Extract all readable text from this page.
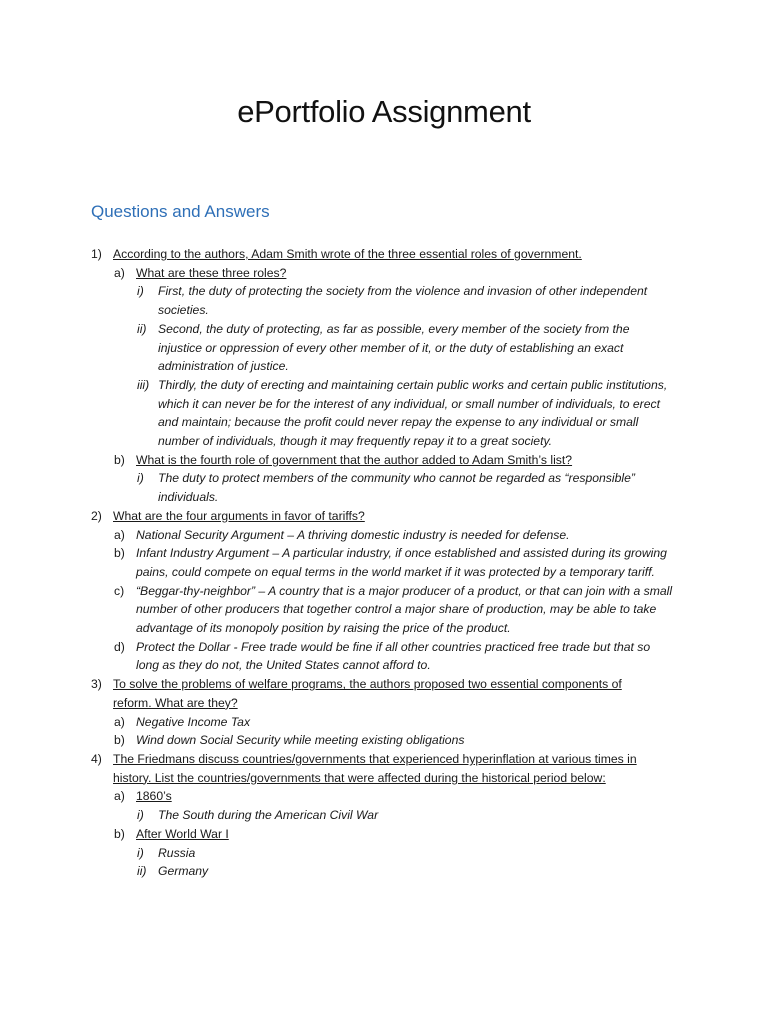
ePortfolio Assignment
Questions and Answers
1) According to the authors, Adam Smith wrote of the three essential roles of government.
a) What are these three roles?
i) First, the duty of protecting the society from the violence and invasion of other independent societies.
ii) Second, the duty of protecting, as far as possible, every member of the society from the injustice or oppression of every other member of it, or the duty of establishing an exact administration of justice.
iii) Thirdly, the duty of erecting and maintaining certain public works and certain public institutions, which it can never be for the interest of any individual, or small number of individuals, to erect and maintain; because the profit could never repay the expense to any individual or small number of individuals, though it may frequently repay it to a great society.
b) What is the fourth role of government that the author added to Adam Smith’s list?
i) The duty to protect members of the community who cannot be regarded as “responsible” individuals.
2) What are the four arguments in favor of tariffs?
a) National Security Argument – A thriving domestic industry is needed for defense.
b) Infant Industry Argument – A particular industry, if once established and assisted during its growing pains, could compete on equal terms in the world market if it was protected by a temporary tariff.
c) “Beggar-thy-neighbor” – A country that is a major producer of a product, or that can join with a small number of other producers that together control a major share of production, may be able to take advantage of its monopoly position by raising the price of the product.
d) Protect the Dollar - Free trade would be fine if all other countries practiced free trade but that so long as they do not, the United States cannot afford to.
3) To solve the problems of welfare programs, the authors proposed two essential components of reform. What are they?
a) Negative Income Tax
b) Wind down Social Security while meeting existing obligations
4) The Friedmans discuss countries/governments that experienced hyperinflation at various times in history. List the countries/governments that were affected during the historical period below:
a) 1860’s
i) The South during the American Civil War
b) After World War I
i) Russia
ii) Germany
